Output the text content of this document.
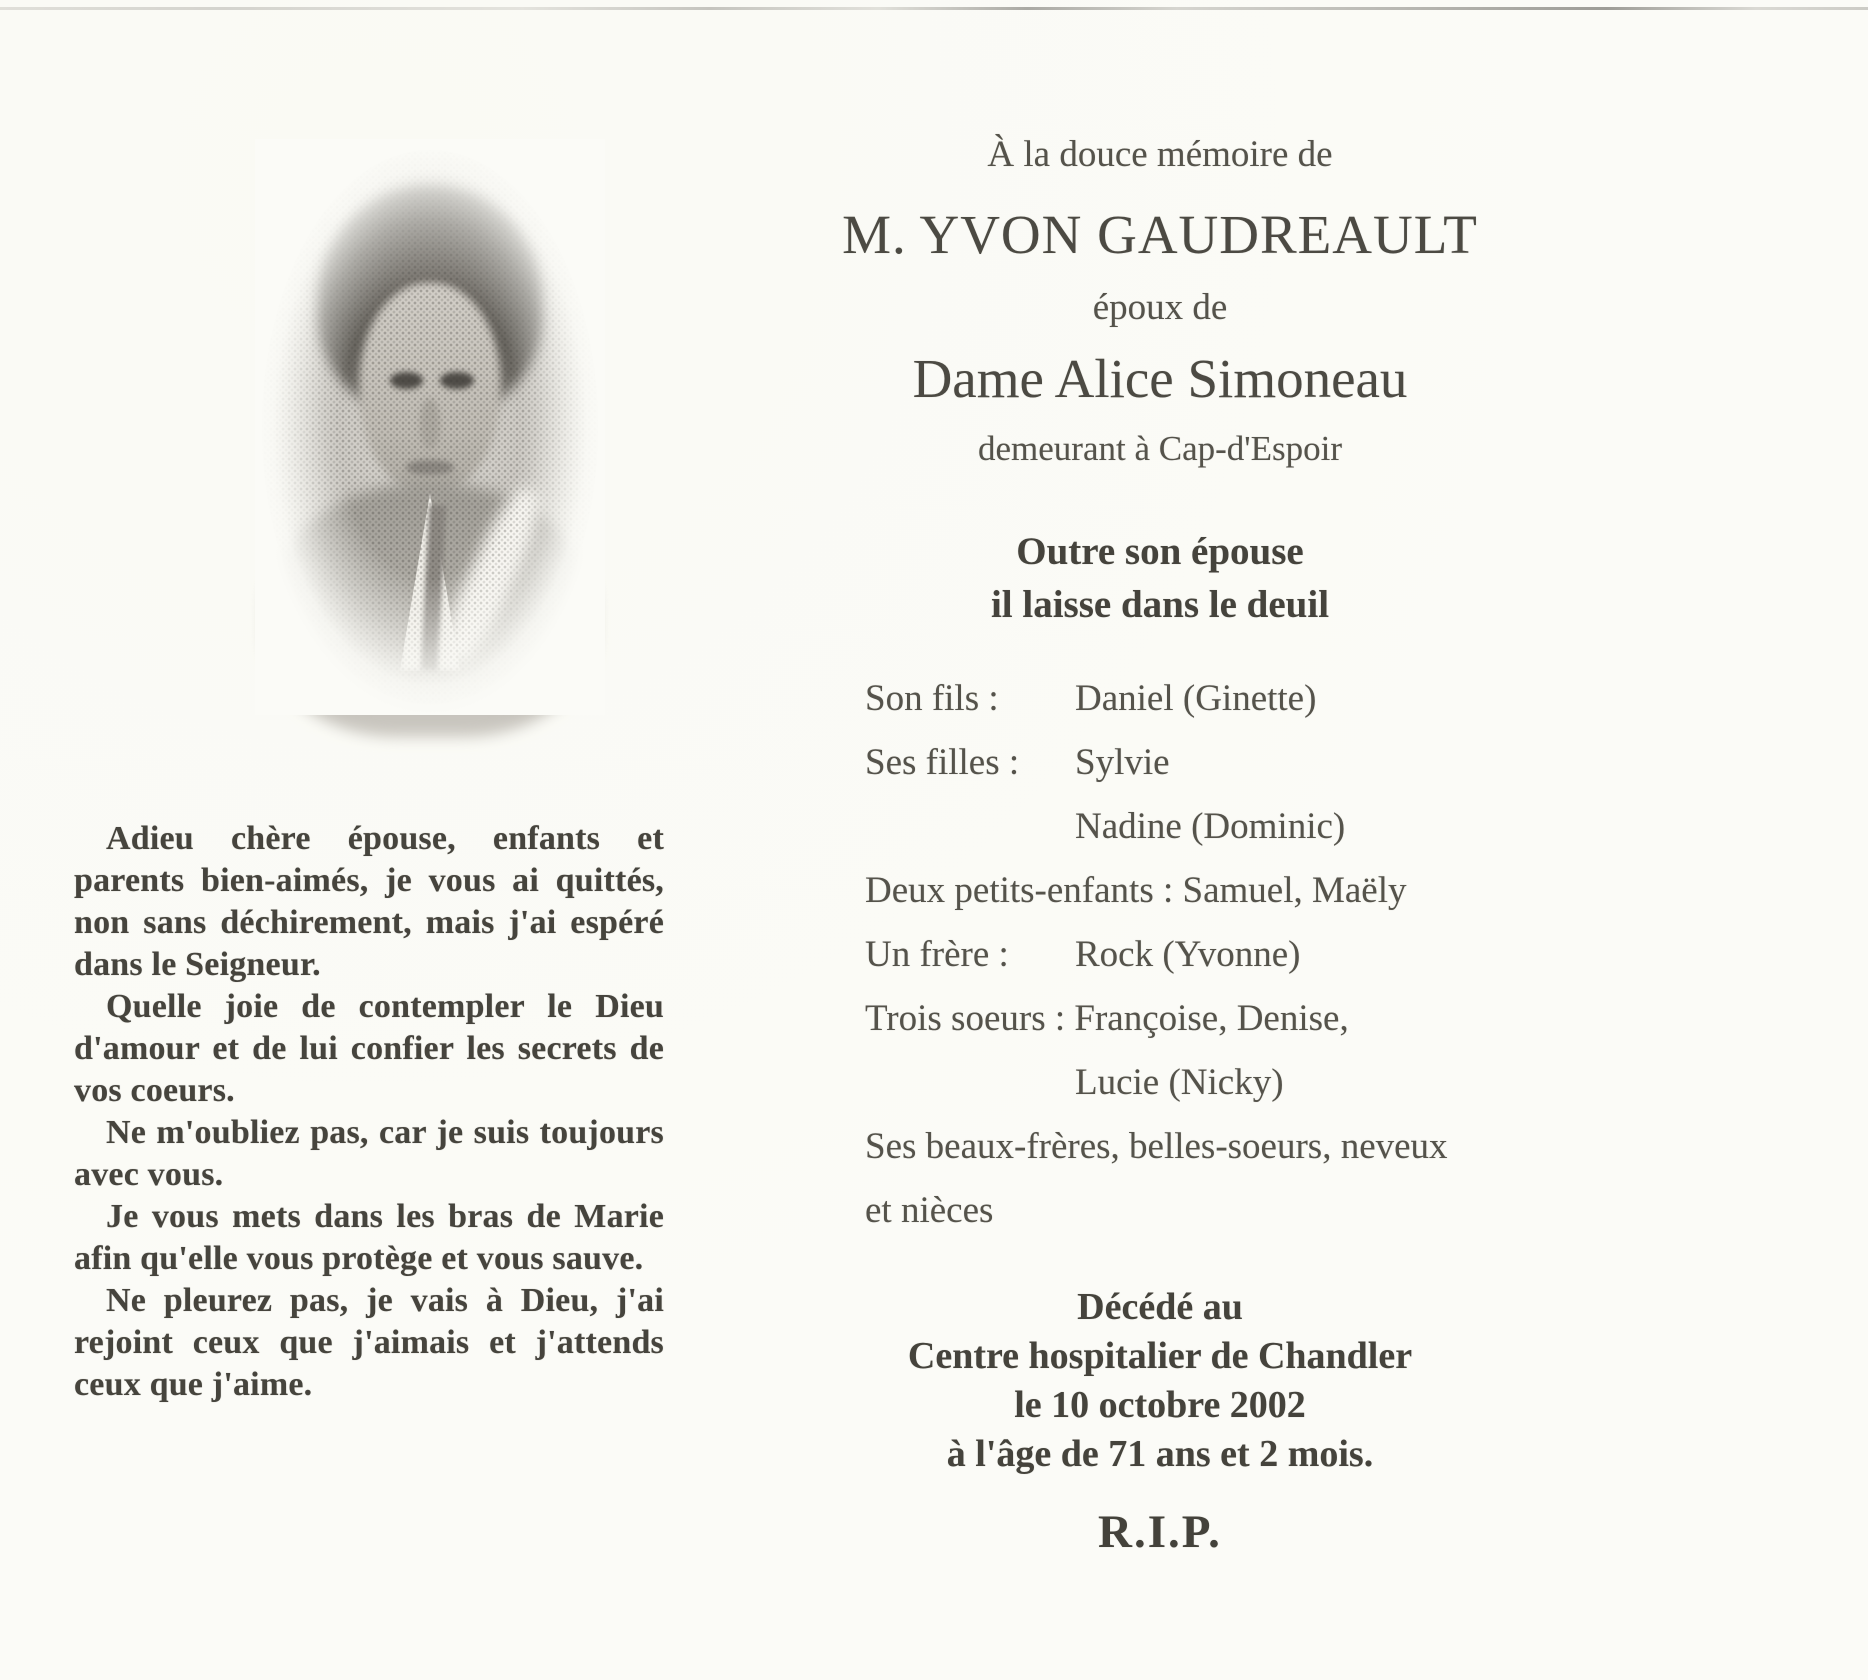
Adieu chère épouse, enfants et parents bien-aimés, je vous ai quittés, non sans déchirement, mais j'ai espéré dans le Seigneur.

Quelle joie de contempler le Dieu d'amour et de lui confier les secrets de vos coeurs.

Ne m'oubliez pas, car je suis toujours avec vous.

Je vous mets dans les bras de Marie afin qu'elle vous protège et vous sauve.

Ne pleurez pas, je vais à Dieu, j'ai rejoint ceux que j'aimais et j'attends ceux que j'aime.

À la douce mémoire de
M. YVON GAUDREAULT
époux de
Dame Alice Simoneau
demeurant à Cap-d'Espoir
Outre son épouse
il laisse dans le deuil
Son fils :	Daniel (Ginette)
Ses filles :	Sylvie
Nadine (Dominic)
Deux petits-enfants : Samuel, Maëly
Un frère :	Rock (Yvonne)
Trois soeurs : Françoise, Denise,
Lucie (Nicky)
Ses beaux-frères, belles-soeurs, neveux
et nièces
Décédé au
Centre hospitalier de Chandler
le 10 octobre 2002
à l'âge de 71 ans et 2 mois.
R.I.P.
